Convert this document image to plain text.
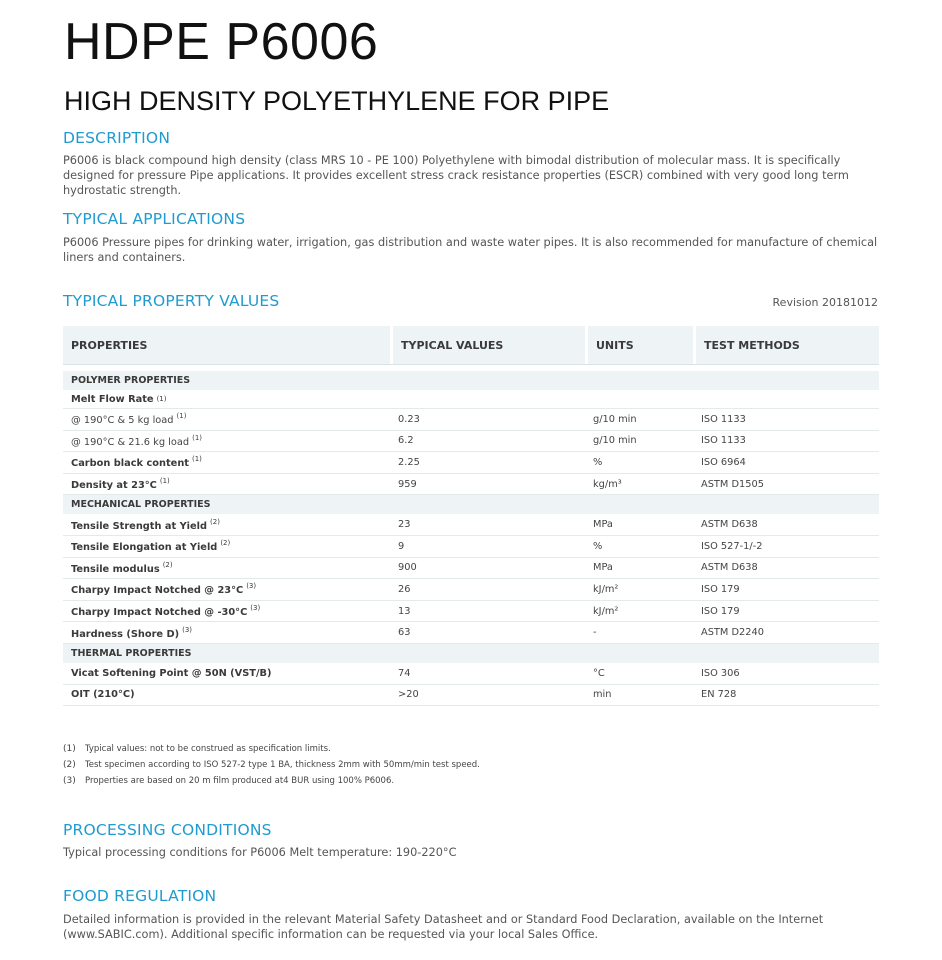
HDPE P6006
HIGH DENSITY POLYETHYLENE FOR PIPE
DESCRIPTION
P6006 is black compound high density (class MRS 10 - PE 100) Polyethylene with bimodal distribution of molecular mass. It is specifically designed for pressure Pipe applications. It provides excellent stress crack resistance properties (ESCR) combined with very good long term hydrostatic strength.
TYPICAL APPLICATIONS
P6006 Pressure pipes for drinking water, irrigation, gas distribution and waste water pipes. It is also recommended for manufacture of chemical liners and containers.
TYPICAL PROPERTY VALUES	Revision 20181012
PROPERTIES	TYPICAL VALUES	UNITS	TEST METHODS
POLYMER PROPERTIES
Melt Flow Rate (1)
@ 190°C & 5 kg load $^{(1)}$	0.23	g/10 min	ISO 1133
@ 190°C & 21.6 kg load $^{(1)}$	6.2	g/10 min	ISO 1133
Carbon black content $^{(1)}$	2.25	%	ISO 6964
Density at 23°C $^{(1)}$	959	kg/m³	ASTM D1505
MECHANICAL PROPERTIES
Tensile Strength at Yield $^{(2)}$	23	MPa	ASTM D638
Tensile Elongation at Yield $^{(2)}$	9	%	ISO 527-1/-2
Tensile modulus $^{(2)}$	900	MPa	ASTM D638
Charpy Impact Notched @ 23°C $^{(3)}$	26	kJ/m²	ISO 179
Charpy Impact Notched @ -30°C $^{(3)}$	13	kJ/m²	ISO 179
Hardness (Shore D) $^{(3)}$	63	-	ASTM D2240
THERMAL PROPERTIES
Vicat Softening Point @ 50N (VST/B)	74	°C	ISO 306
OIT (210°C)	>20	min	EN 728
(1)	Typical values: not to be construed as specification limits.
(2)	Test specimen according to ISO 527-2 type 1 BA, thickness 2mm with 50mm/min test speed.
(3)	Properties are based on 20 m film produced at4 BUR using 100% P6006.
PROCESSING CONDITIONS
Typical processing conditions for P6006 Melt temperature: 190-220°C
FOOD REGULATION
Detailed information is provided in the relevant Material Safety Datasheet and or Standard Food Declaration, available on the Internet (www.SABIC.com). Additional specific information can be requested via your local Sales Office.
